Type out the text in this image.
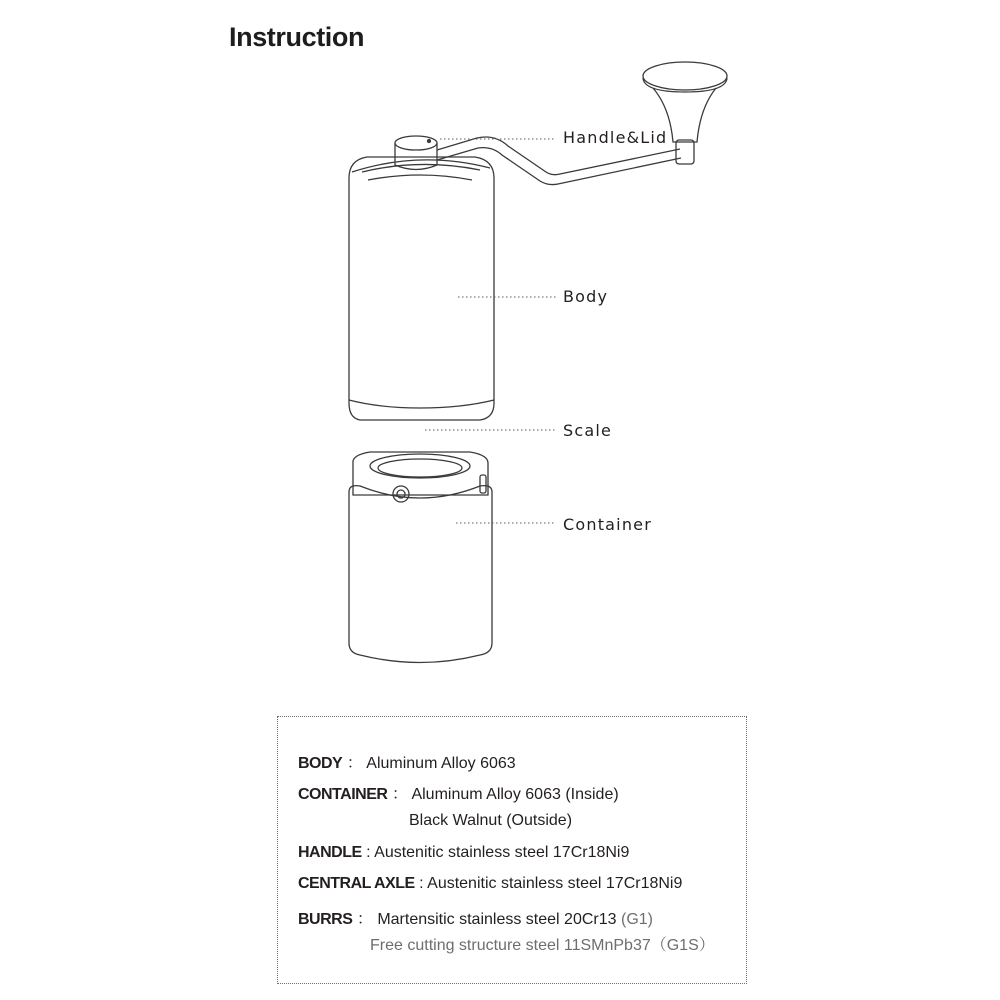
Instruction
Handle&Lid
Body
Scale
Container
BODY ： Aluminum Alloy 6063
CONTAINER ： Aluminum Alloy 6063 (Inside)
Black Walnut (Outside)
HANDLE : Austenitic stainless steel 17Cr18Ni9
CENTRAL AXLE : Austenitic stainless steel 17Cr18Ni9
BURRS ： Martensitic stainless steel 20Cr13 (G1)
Free cutting structure steel 11SMnPb37（G1S）
